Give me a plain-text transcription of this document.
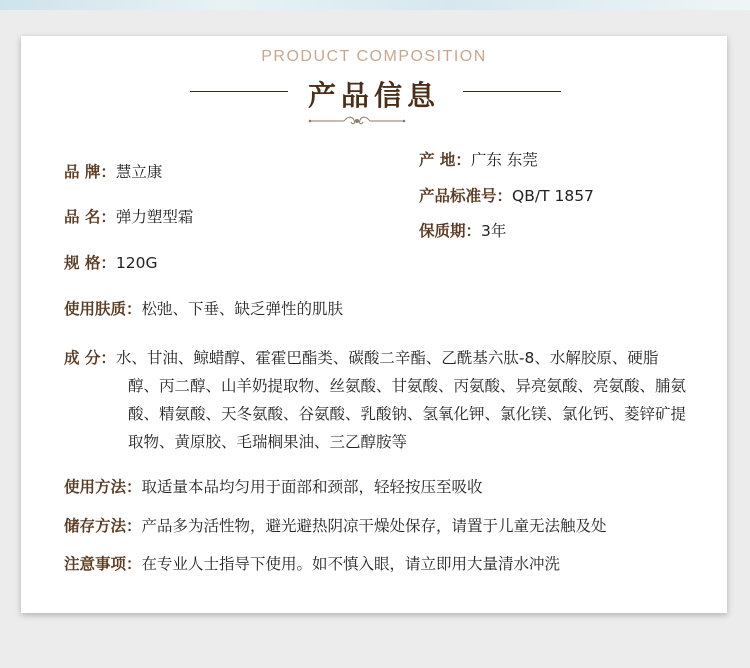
PRODUCT COMPOSITION
产品信息
品 牌：慧立康
品 名：弹力塑型霜
规 格：120G
使用肤质：松弛、下垂、缺乏弹性的肌肤
产 地：广东 东莞
产品标准号：QB/T 1857
保质期：3年
成 分：水、甘油、鲸蜡醇、霍霍巴酯类、碳酸二辛酯、乙酰基六肽-8、水解胶原、硬脂
醇、丙二醇、山羊奶提取物、丝氨酸、甘氨酸、丙氨酸、异亮氨酸、亮氨酸、脯氨
酸、精氨酸、天冬氨酸、谷氨酸、乳酸钠、氢氧化钾、氯化镁、氯化钙、菱锌矿提
取物、黄原胶、毛瑞榈果油、三乙醇胺等
使用方法：取适量本品均匀用于面部和颈部，轻轻按压至吸收
储存方法：产品多为活性物，避光避热阴凉干燥处保存，请置于儿童无法触及处
注意事项：在专业人士指导下使用。如不慎入眼，请立即用大量清水冲洗
